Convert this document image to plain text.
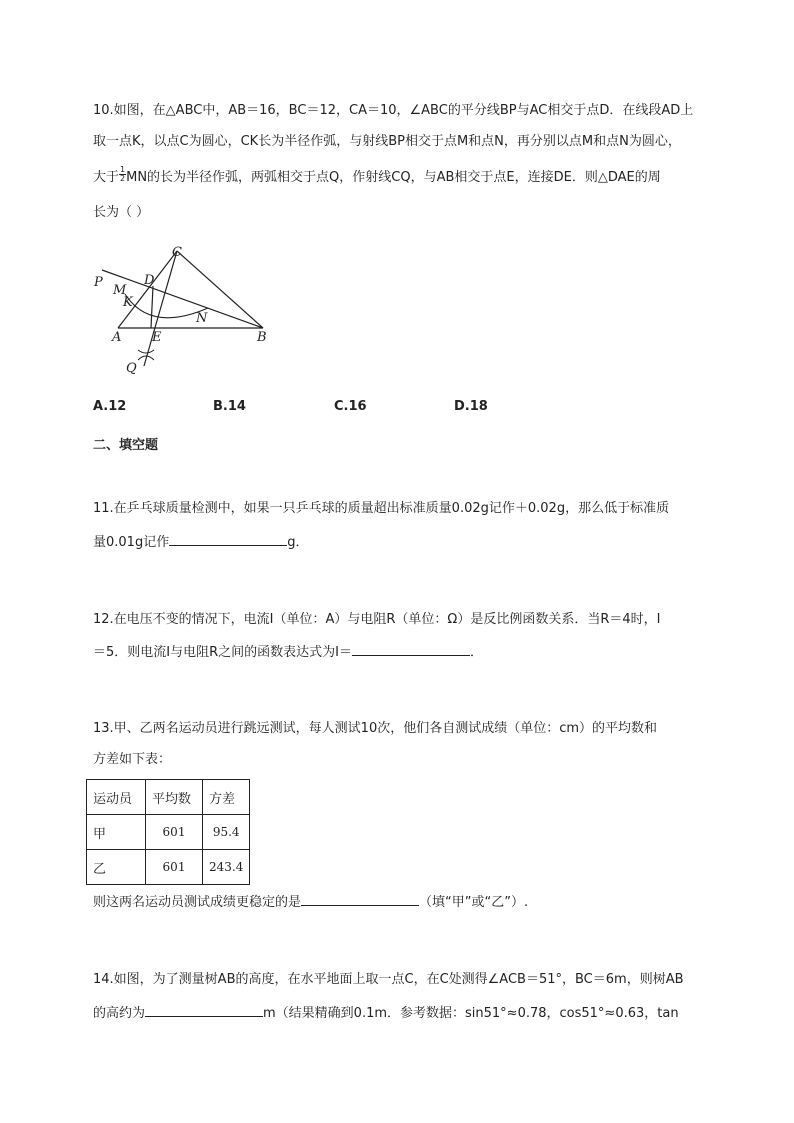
10.如图，在△ABC中，AB＝16，BC＝12，CA＝10，∠ABC的平分线BP与AC相交于点D．在线段AD上
取一点K，以点C为圆心，CK长为半径作弧，与射线BP相交于点M和点N，再分别以点M和点N为圆心，
大于 $\frac{1}{2}$ MN的长为半径作弧，两弧相交于点Q，作射线CQ，与AB相交于点E，连接DE．则△DAE的周
长为（ ）
P
C
D
M
K
N
A E	B
Q
A.12	B.14	C.16	D.18
二、填空题
11.在乒乓球质量检测中，如果一只乒乓球的质量超出标准质量0.02g记作＋0.02g，那么低于标准质
量0.01g记作	g．
12.在电压不变的情况下，电流I（单位：A）与电阻R（单位：Ω）是反比例函数关系．当R＝4时，I
＝5．则电流I与电阻R之间的函数表达式为I＝	．
13.甲、乙两名运动员进行跳远测试，每人测试10次，他们各自测试成绩（单位：cm）的平均数和
方差如下表：
运动员	平均数	方差
甲	601	95.4
乙	601	243.4
则这两名运动员测试成绩更稳定的是	（填“甲”或“乙”）.
14.如图，为了测量树AB的高度，在水平地面上取一点C，在C处测得∠ACB＝51°，BC＝6m，则树AB
的高约为	m（结果精确到0.1m．参考数据：sin51°≈0.78，cos51°≈0.63，tan
